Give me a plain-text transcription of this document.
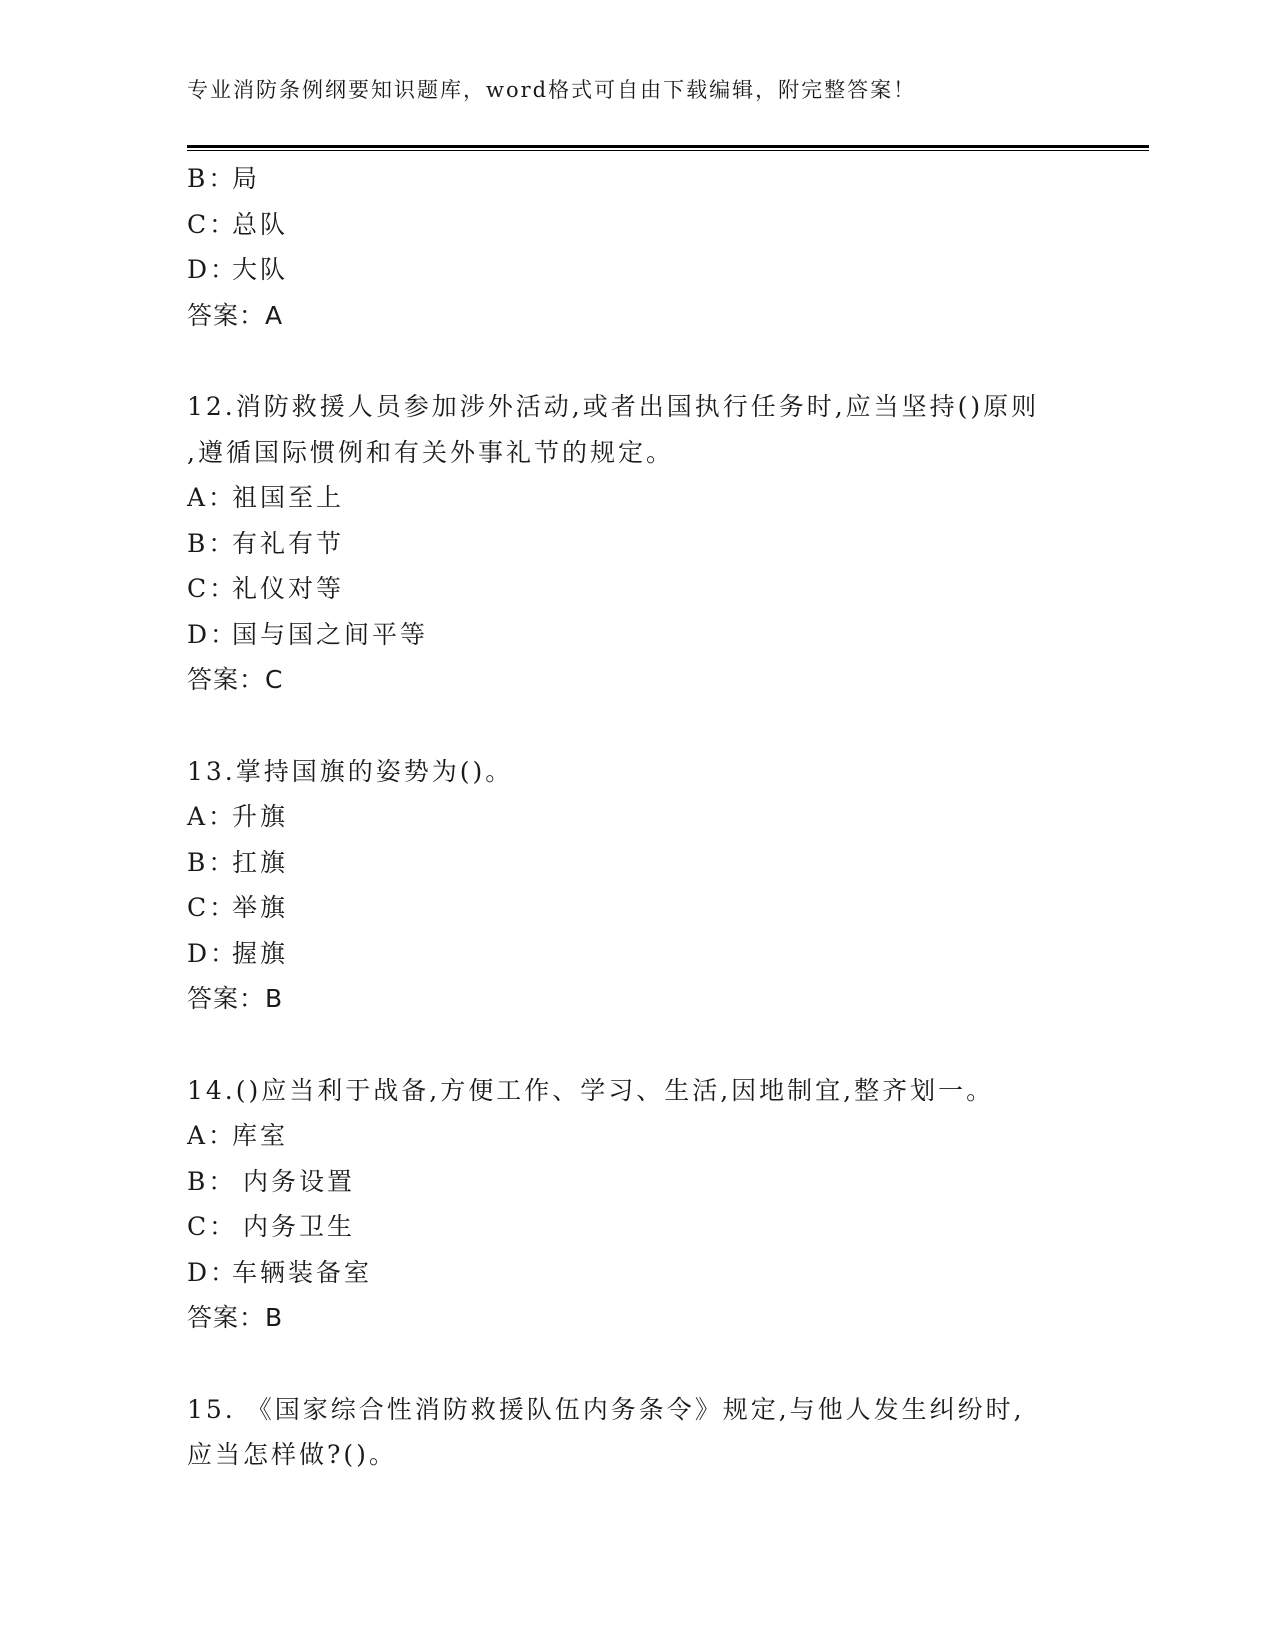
专业消防条例纲要知识题库，word格式可自由下载编辑，附完整答案！
B：局
C：总队
D：大队
答案：A
12.消防救援人员参加涉外活动,或者出国执行任务时,应当坚持()原则
,遵循国际惯例和有关外事礼节的规定。
A：祖国至上
B：有礼有节
C：礼仪对等
D：国与国之间平等
答案：C
13.掌持国旗的姿势为()。
A：升旗
B：扛旗
C：举旗
D：握旗
答案：B
14.()应当利于战备,方便工作、学习、生活,因地制宜,整齐划一。
A：库室
B： 内务设置
C： 内务卫生
D：车辆装备室
答案：B
15. 《国家综合性消防救援队伍内务条令》规定,与他人发生纠纷时,
应当怎样做?()。
